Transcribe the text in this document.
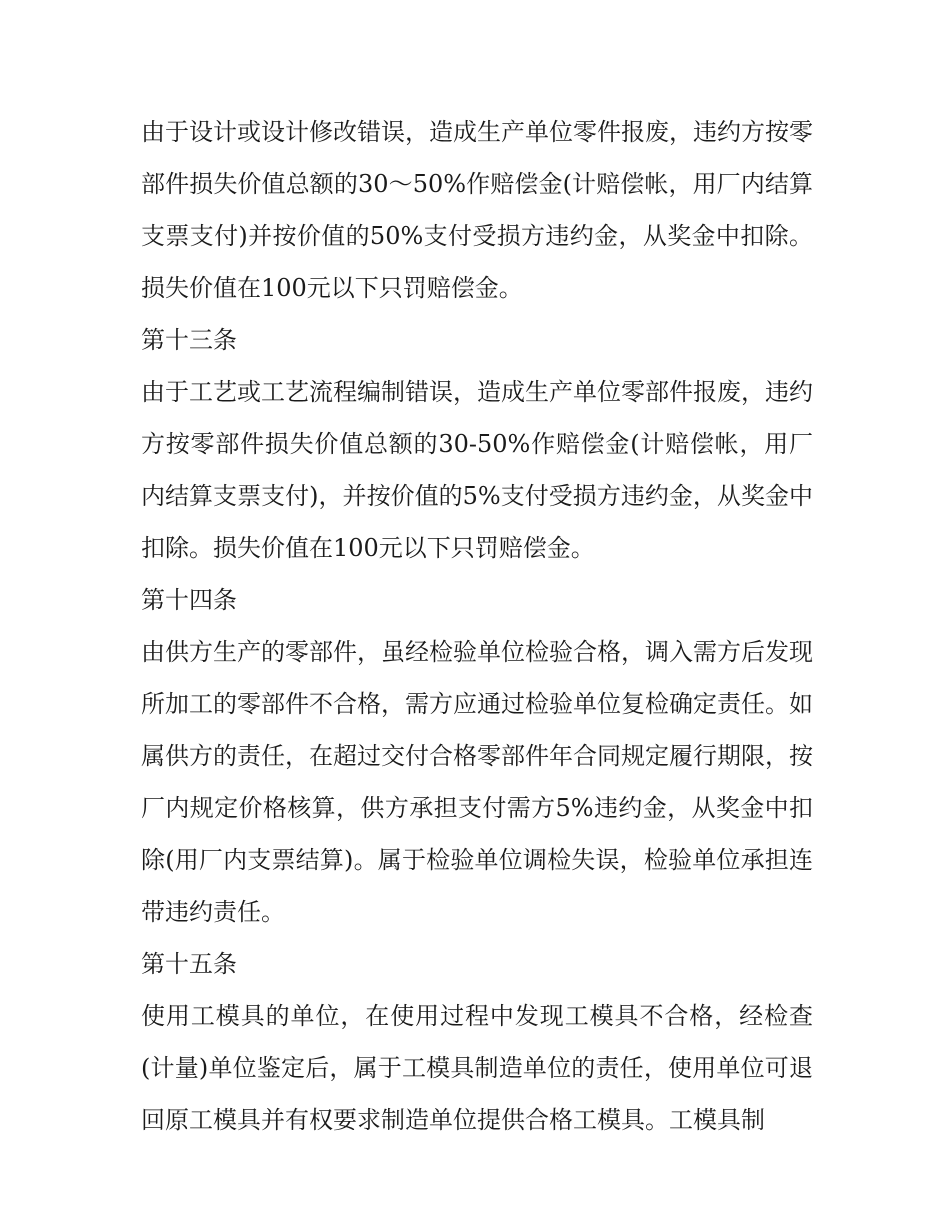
由于设计或设计修改错误，造成生产单位零件报废，违约方按零部件损失价值总额的30～50%作赔偿金(计赔偿帐，用厂内结算支票支付)并按价值的50%支付受损方违约金，从奖金中扣除。损失价值在100元以下只罚赔偿金。

第十三条

由于工艺或工艺流程编制错误，造成生产单位零部件报废，违约方按零部件损失价值总额的30-50%作赔偿金(计赔偿帐，用厂内结算支票支付)，并按价值的5%支付受损方违约金，从奖金中扣除。损失价值在100元以下只罚赔偿金。

第十四条

由供方生产的零部件，虽经检验单位检验合格，调入需方后发现所加工的零部件不合格，需方应通过检验单位复检确定责任。如属供方的责任，在超过交付合格零部件年合同规定履行期限，按厂内规定价格核算，供方承担支付需方5%违约金，从奖金中扣除(用厂内支票结算)。属于检验单位调检失误，检验单位承担连带违约责任。

第十五条

使用工模具的单位，在使用过程中发现工模具不合格，经检查(计量)单位鉴定后，属于工模具制造单位的责任，使用单位可退回原工模具并有权要求制造单位提供合格工模具。工模具制
